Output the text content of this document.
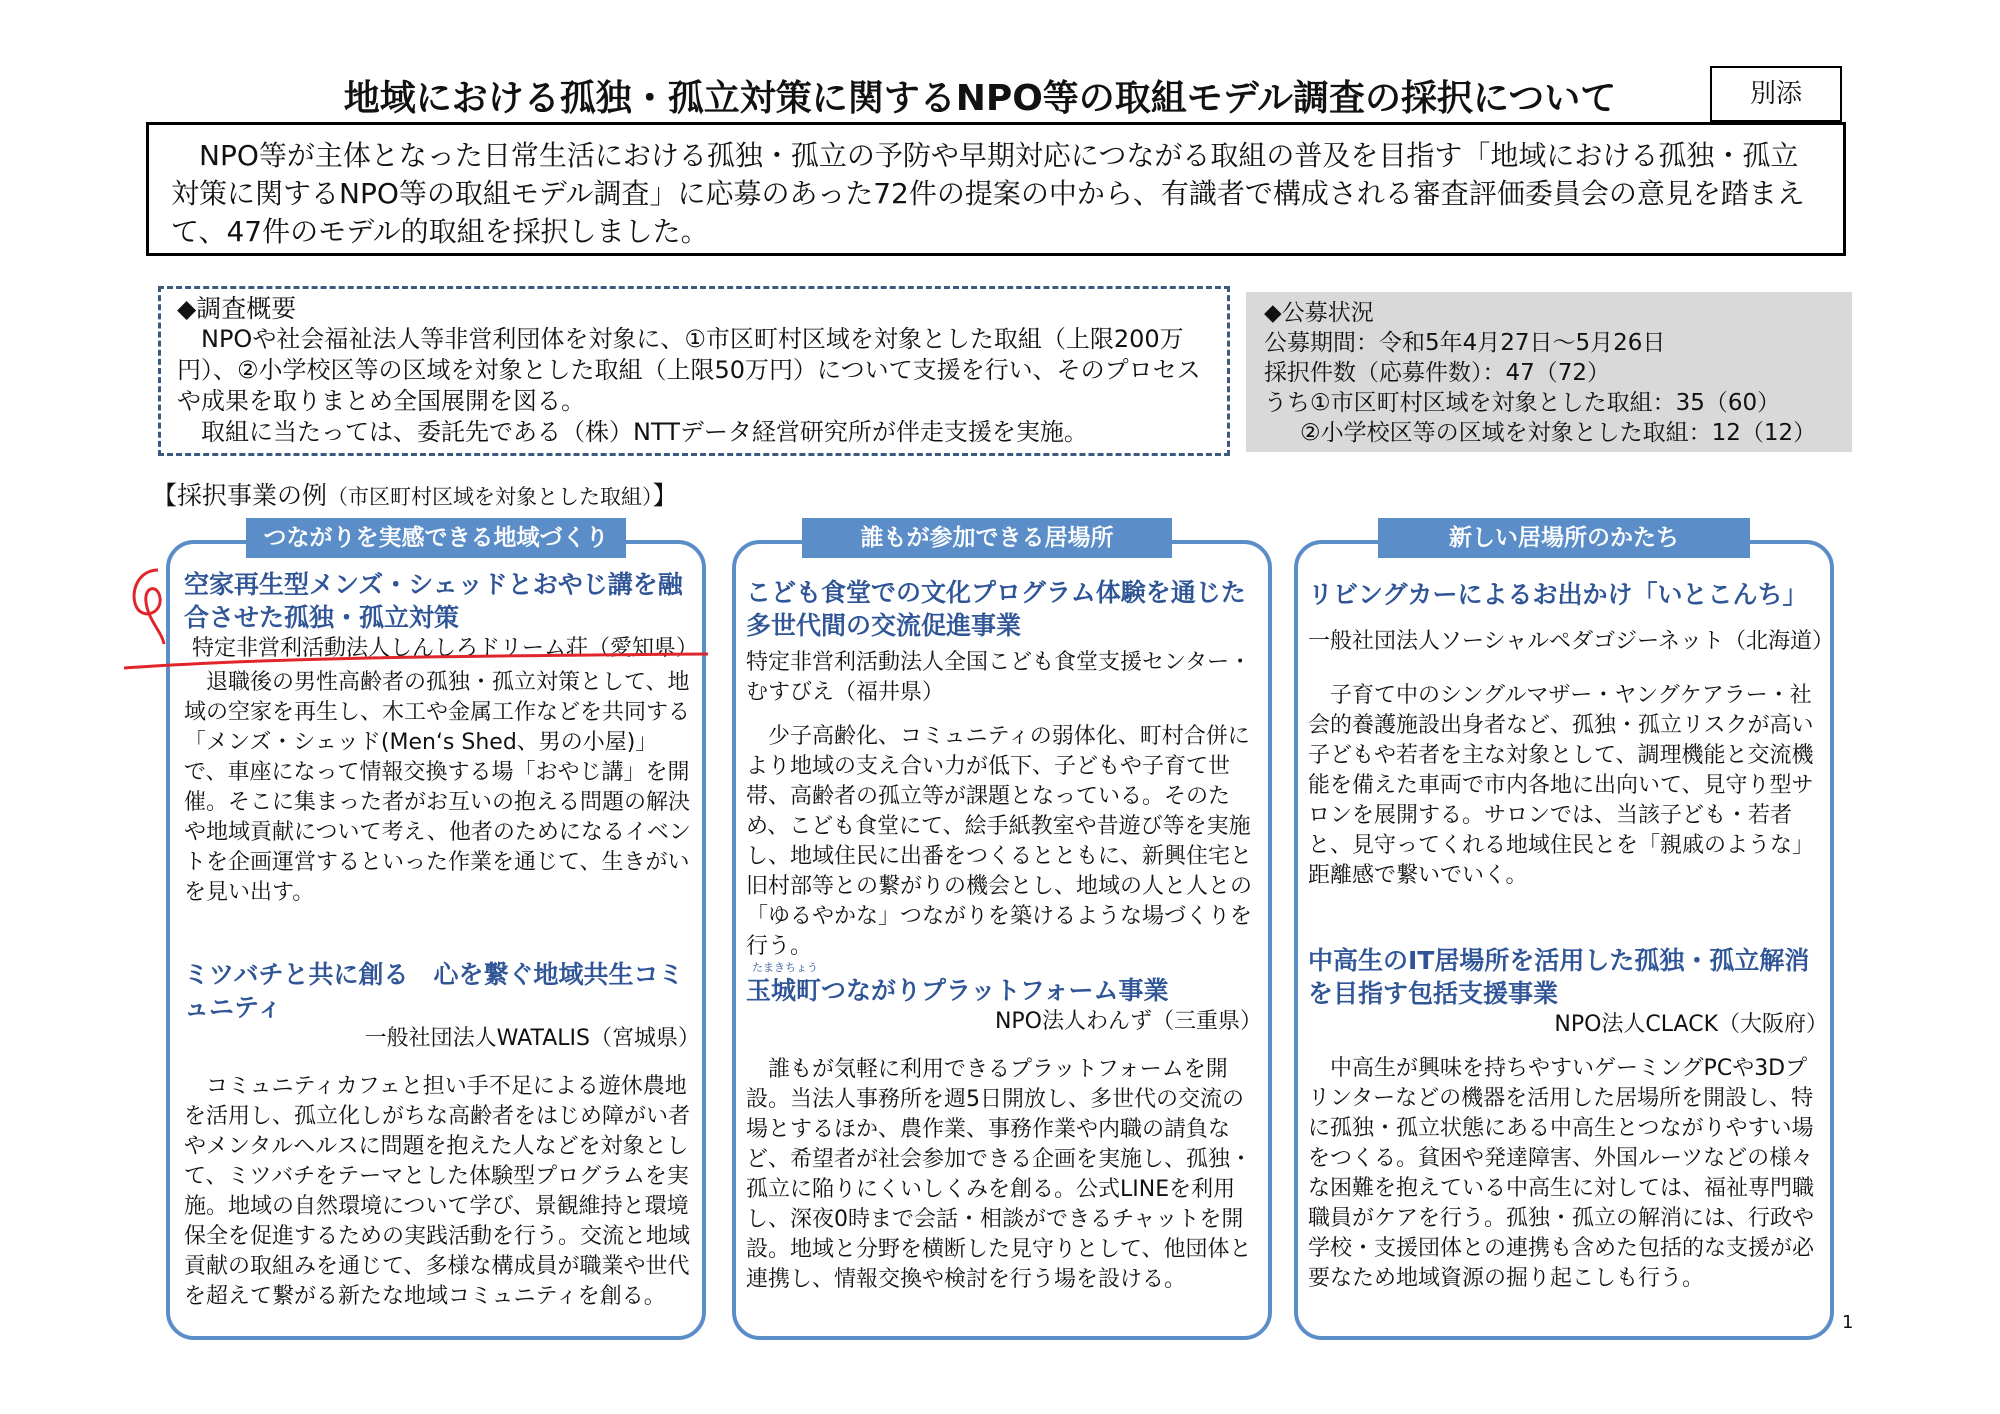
地域における孤独・孤立対策に関するNPO等の取組モデル調査の採択について	別添

NPO等が主体となった日常生活における孤独・孤立の予防や早期対応につながる取組の普及を目指す「地域における孤独・孤立対策に関するNPO等の取組モデル調査」に応募のあった72件の提案の中から、有識者で構成される審査評価委員会の意見を踏まえて、47件のモデル的取組を採択しました。

◆調査概要
NPOや社会福祉法人等非営利団体を対象に、①市区町村区域を対象とした取組（上限200万円）、②小学校区等の区域を対象とした取組（上限50万円）について支援を行い、そのプロセスや成果を取りまとめ全国展開を図る。
取組に当たっては、委託先である（株）NTTデータ経営研究所が伴走支援を実施。
◆公募状況
公募期間：令和5年4月27日～5月26日
採択件数（応募件数）：47（72）
うち①市区町村区域を対象とした取組：35（60）
②小学校区等の区域を対象とした取組：12（12）
【採択事業の例（市区町村区域を対象とした取組）】
つながりを実感できる地域づくり
空家再生型メンズ・シェッドとおやじ講を融合させた孤独・孤立対策
特定非営利活動法人しんしろドリーム荘（愛知県）

退職後の男性高齢者の孤独・孤立対策として、地域の空家を再生し、木工や金属工作などを共同する「メンズ・シェッド(Men‘s Shed、男の小屋)」で、車座になって情報交換する場「おやじ講」を開催。そこに集まった者がお互いの抱える問題の解決や地域貢献について考え、他者のためになるイベントを企画運営するといった作業を通じて、生きがいを見い出す。

ミツバチと共に創る　心を繋ぐ地域共生コミュニティ
一般社団法人WATALIS（宮城県）

コミュニティカフェと担い手不足による遊休農地を活用し、孤立化しがちな高齢者をはじめ障がい者やメンタルヘルスに問題を抱えた人などを対象として、ミツバチをテーマとした体験型プログラムを実施。地域の自然環境について学び、景観維持と環境保全を促進するための実践活動を行う。交流と地域貢献の取組みを通じて、多様な構成員が職業や世代を超えて繋がる新たな地域コミュニティを創る。

誰もが参加できる居場所
こども食堂での文化プログラム体験を通じた多世代間の交流促進事業
特定非営利活動法人全国こども食堂支援センター・むすびえ（福井県）

少子高齢化、コミュニティの弱体化、町村合併により地域の支え合い力が低下、子どもや子育て世帯、高齢者の孤立等が課題となっている。そのため、こども食堂にて、絵手紙教室や昔遊び等を実施し、地域住民に出番をつくるとともに、新興住宅と旧村部等との繋がりの機会とし、地域の人と人との「ゆるやかな」つながりを築けるような場づくりを行う。

たまきちょう
玉城町つながりプラットフォーム事業
NPO法人わんず（三重県）

誰もが気軽に利用できるプラットフォームを開設。当法人事務所を週5日開放し、多世代の交流の場とするほか、農作業、事務作業や内職の請負など、希望者が社会参加できる企画を実施し、孤独・孤立に陥りにくいしくみを創る。公式LINEを利用し、深夜0時まで会話・相談ができるチャットを開設。地域と分野を横断した見守りとして、他団体と連携し、情報交換や検討を行う場を設ける。

新しい居場所のかたち
リビングカーによるお出かけ「いとこんち」
一般社団法人ソーシャルペダゴジーネット（北海道）

子育て中のシングルマザー・ヤングケアラー・社会的養護施設出身者など、孤独・孤立リスクが高い子どもや若者を主な対象として、調理機能と交流機能を備えた車両で市内各地に出向いて、見守り型サロンを展開する。サロンでは、当該子ども・若者と、見守ってくれる地域住民とを「親戚のような」距離感で繋いでいく。

中高生のIT居場所を活用した孤独・孤立解消を目指す包括支援事業
NPO法人CLACK（大阪府）

中高生が興味を持ちやすいゲーミングPCや3Dプリンターなどの機器を活用した居場所を開設し、特に孤独・孤立状態にある中高生とつながりやすい場をつくる。貧困や発達障害、外国ルーツなどの様々な困難を抱えている中高生に対しては、福祉専門職職員がケアを行う。孤独・孤立の解消には、行政や学校・支援団体との連携も含めた包括的な支援が必要なため地域資源の掘り起こしも行う。

1
